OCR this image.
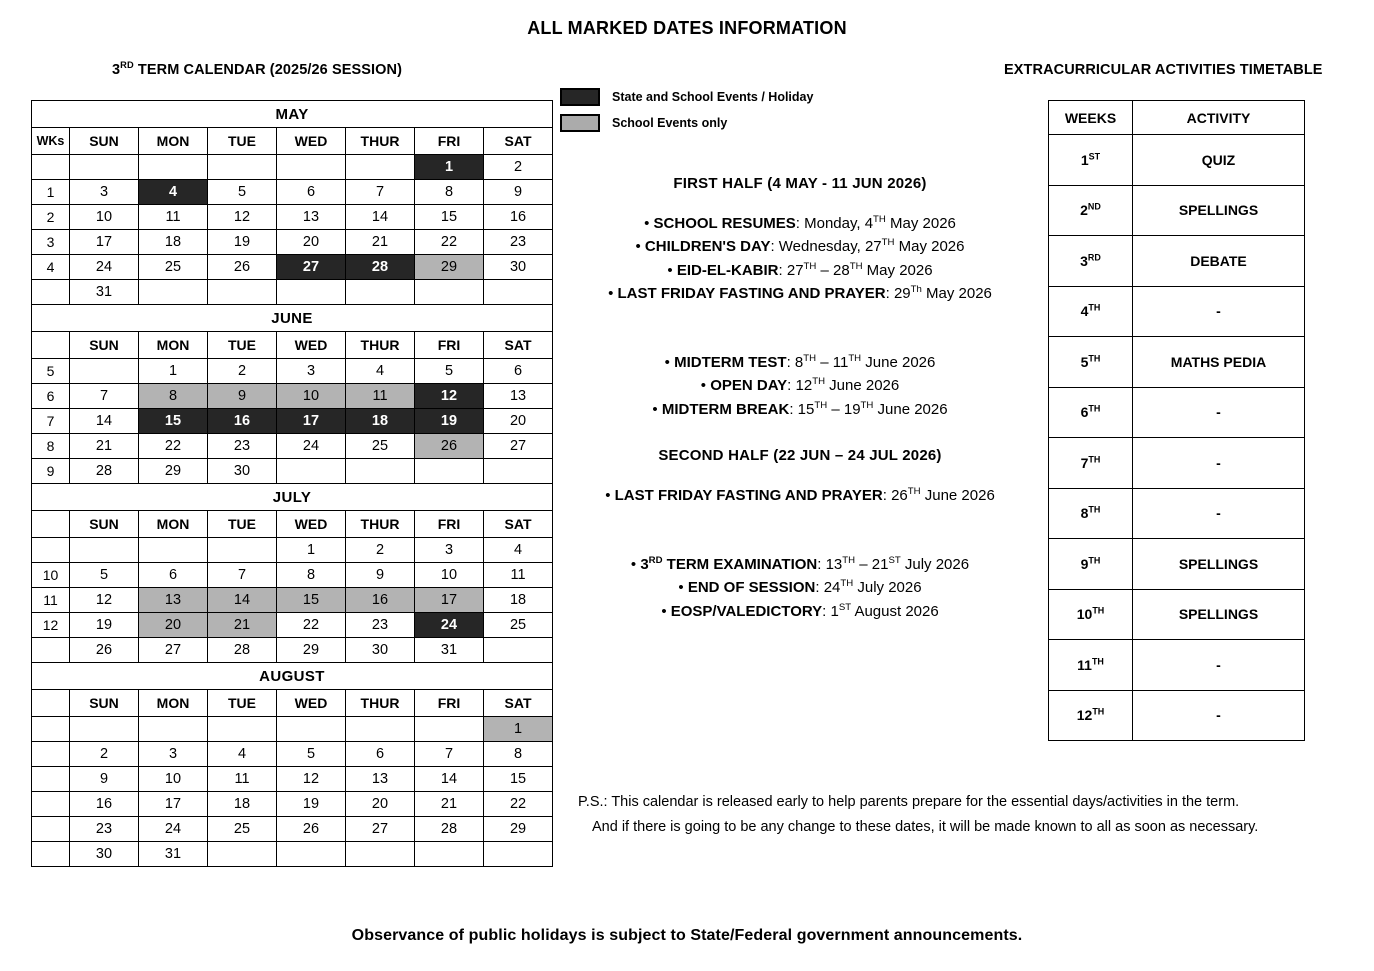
ALL MARKED DATES INFORMATION
3RD TERM CALENDAR (2025/26 SESSION)	EXTRACURRICULAR ACTIVITIES TIMETABLE
MAY							
WKs	SUN	MON	TUE	WED	THUR	FRI	SAT
						1	2
1	3	4	5	6	7	8	9
2	10	11	12	13	14	15	16
3	17	18	19	20	21	22	23
4	24	25	26	27	28	29	30
	31						
JUNE							
	SUN	MON	TUE	WED	THUR	FRI	SAT
5		1	2	3	4	5	6
6	7	8	9	10	11	12	13
7	14	15	16	17	18	19	20
8	21	22	23	24	25	26	27
9	28	29	30				
JULY							
	SUN	MON	TUE	WED	THUR	FRI	SAT
				1	2	3	4
10	5	6	7	8	9	10	11
11	12	13	14	15	16	17	18
12	19	20	21	22	23	24	25
	26	27	28	29	30	31	
AUGUST							
	SUN	MON	TUE	WED	THUR	FRI	SAT
							1
	2	3	4	5	6	7	8
	9	10	11	12	13	14	15
	16	17	18	19	20	21	22
	23	24	25	26	27	28	29
	30	31					
State and School Events / Holiday
School Events only
FIRST HALF (4 MAY - 11 JUN 2026)

• SCHOOL RESUMES: Monday, 4TH May 2026

• CHILDREN'S DAY: Wednesday, 27TH May 2026

• EID-EL-KABIR: 27TH – 28TH May 2026

• LAST FRIDAY FASTING AND PRAYER: 29Th May 2026

• MIDTERM TEST: 8TH – 11TH June 2026

• OPEN DAY: 12TH June 2026

• MIDTERM BREAK: 15TH – 19TH June 2026

SECOND HALF (22 JUN – 24 JUL 2026)

• LAST FRIDAY FASTING AND PRAYER: 26TH June 2026

• 3RD TERM EXAMINATION: 13TH – 21ST July 2026

• END OF SESSION: 24TH July 2026

• EOSP/VALEDICTORY: 1ST August 2026

WEEKS	ACTIVITY
1ST	QUIZ
2ND	SPELLINGS
3RD	DEBATE
4TH	-
5TH	MATHS PEDIA
6TH	-
7TH	-
8TH	-
9TH	SPELLINGS
10TH	SPELLINGS
11TH	-
12TH	-
P.S.: This calendar is released early to help parents prepare for the essential days/activities in the term.
And if there is going to be any change to these dates, it will be made known to all as soon as necessary.
Observance of public holidays is subject to State/Federal government announcements.
